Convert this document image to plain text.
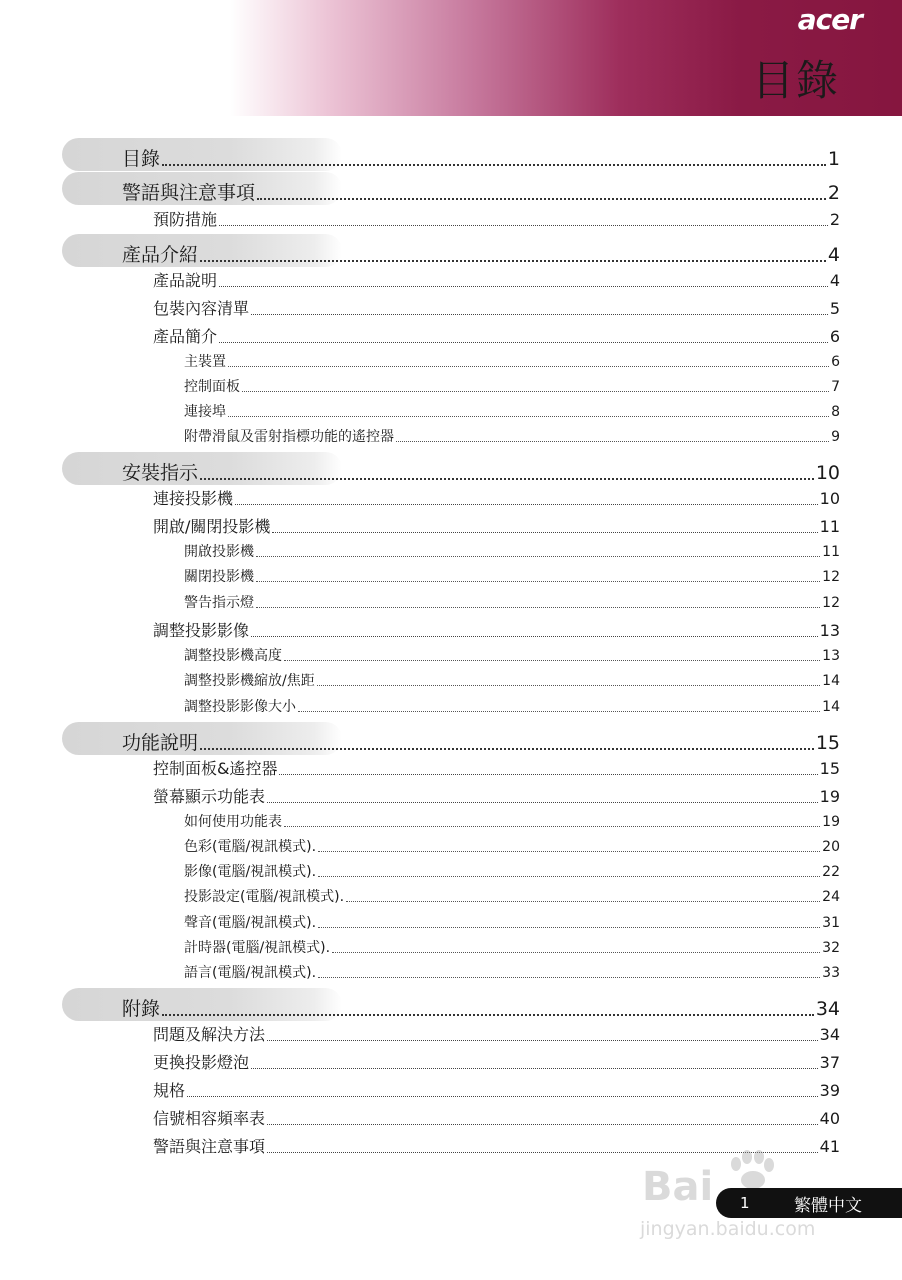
acer
目錄
目錄	1
警語與注意事項	2
預防措施	2
產品介紹	4
產品說明	4
包裝內容清單	5
產品簡介	6
主裝置	6
控制面板	7
連接埠	8
附帶滑鼠及雷射指標功能的遙控器	9
安裝指示	10
連接投影機	10
開啟/關閉投影機	11
開啟投影機	11
關閉投影機	12
警告指示燈	12
調整投影影像	13
調整投影機高度	13
調整投影機縮放/焦距	14
調整投影影像大小	14
功能說明	15
控制面板&遙控器	15
螢幕顯示功能表	19
如何使用功能表	19
色彩(電腦/視訊模式).	20
影像(電腦/視訊模式).	22
投影設定(電腦/視訊模式).	24
聲音(電腦/視訊模式).	31
計時器(電腦/視訊模式).	32
語言(電腦/視訊模式).	33
附錄	34
問題及解決方法	34
更換投影燈泡	37
規格	39
信號相容頻率表	40
警語與注意事項	41
Bai
jingyan.baidu.com
1	繁體中文
